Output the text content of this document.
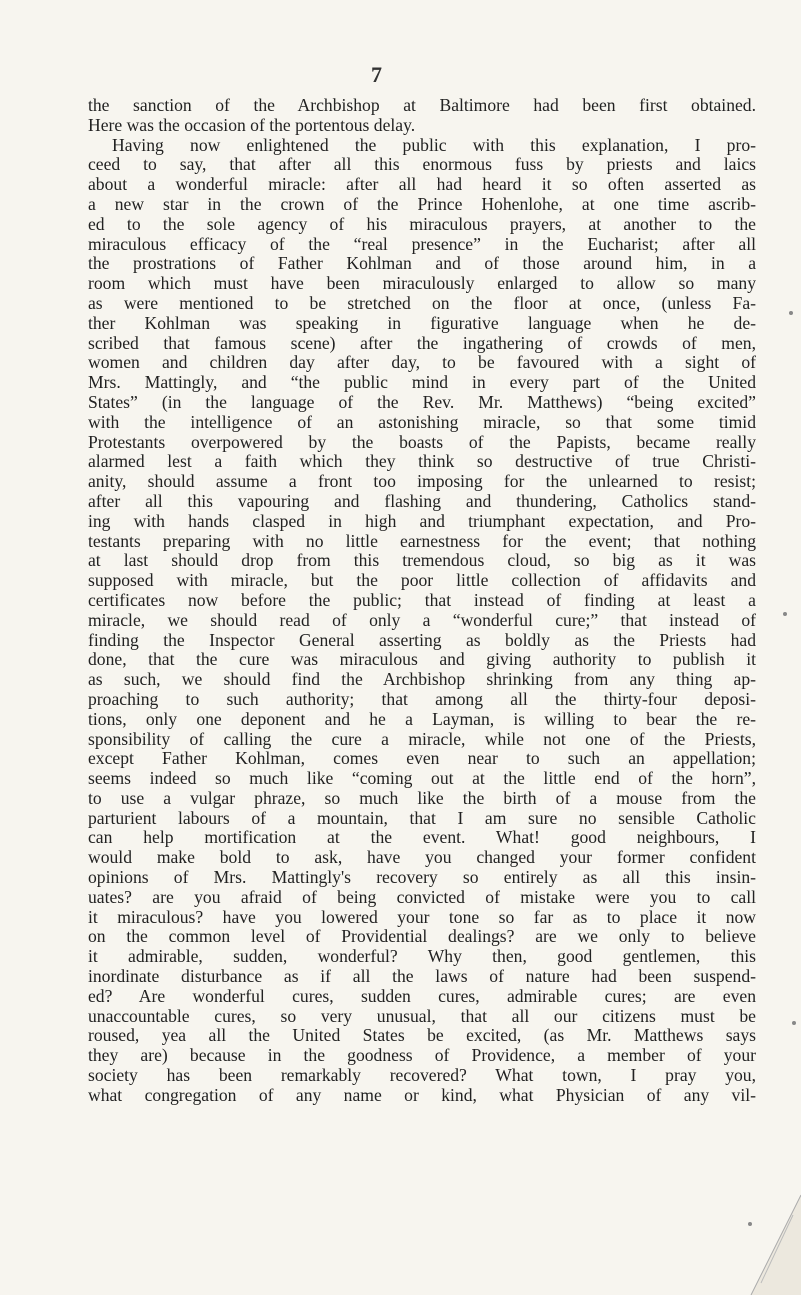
7
the sanction of the Archbishop at Baltimore had been first obtained.
Here was the occasion of the portentous delay.
Having now enlightened the public with this explanation, I pro-
ceed to say, that after all this enormous fuss by priests and laics
about a wonderful miracle: after all had heard it so often asserted as
a new star in the crown of the Prince Hohenlohe, at one time ascrib-
ed to the sole agency of his miraculous prayers, at another to the
miraculous efficacy of the “real presence” in the Eucharist; after all
the prostrations of Father Kohlman and of those around him, in a
room which must have been miraculously enlarged to allow so many
as were mentioned to be stretched on the floor at once, (unless Fa-
ther Kohlman was speaking in figurative language when he de-
scribed that famous scene) after the ingathering of crowds of men,
women and children day after day, to be favoured with a sight of
Mrs. Mattingly, and “the public mind in every part of the United
States” (in the language of the Rev. Mr. Matthews) “being excited”
with the intelligence of an astonishing miracle, so that some timid
Protestants overpowered by the boasts of the Papists, became really
alarmed lest a faith which they think so destructive of true Christi-
anity, should assume a front too imposing for the unlearned to resist;
after all this vapouring and flashing and thundering, Catholics stand-
ing with hands clasped in high and triumphant expectation, and Pro-
testants preparing with no little earnestness for the event; that nothing
at last should drop from this tremendous cloud, so big as it was
supposed with miracle, but the poor little collection of affidavits and
certificates now before the public; that instead of finding at least a
miracle, we should read of only a “wonderful cure;” that instead of
finding the Inspector General asserting as boldly as the Priests had
done, that the cure was miraculous and giving authority to publish it
as such, we should find the Archbishop shrinking from any thing ap-
proaching to such authority; that among all the thirty-four deposi-
tions, only one deponent and he a Layman, is willing to bear the re-
sponsibility of calling the cure a miracle, while not one of the Priests,
except Father Kohlman, comes even near to such an appellation;
seems indeed so much like “coming out at the little end of the horn”,
to use a vulgar phraze, so much like the birth of a mouse from the
parturient labours of a mountain, that I am sure no sensible Catholic
can help mortification at the event. What! good neighbours, I
would make bold to ask, have you changed your former confident
opinions of Mrs. Mattingly's recovery so entirely as all this insin-
uates? are you afraid of being convicted of mistake were you to call
it miraculous? have you lowered your tone so far as to place it now
on the common level of Providential dealings? are we only to believe
it admirable, sudden, wonderful? Why then, good gentlemen, this
inordinate disturbance as if all the laws of nature had been suspend-
ed? Are wonderful cures, sudden cures, admirable cures; are even
unaccountable cures, so very unusual, that all our citizens must be
roused, yea all the United States be excited, (as Mr. Matthews says
they are) because in the goodness of Providence, a member of your
society has been remarkably recovered? What town, I pray you,
what congregation of any name or kind, what Physician of any vil-
